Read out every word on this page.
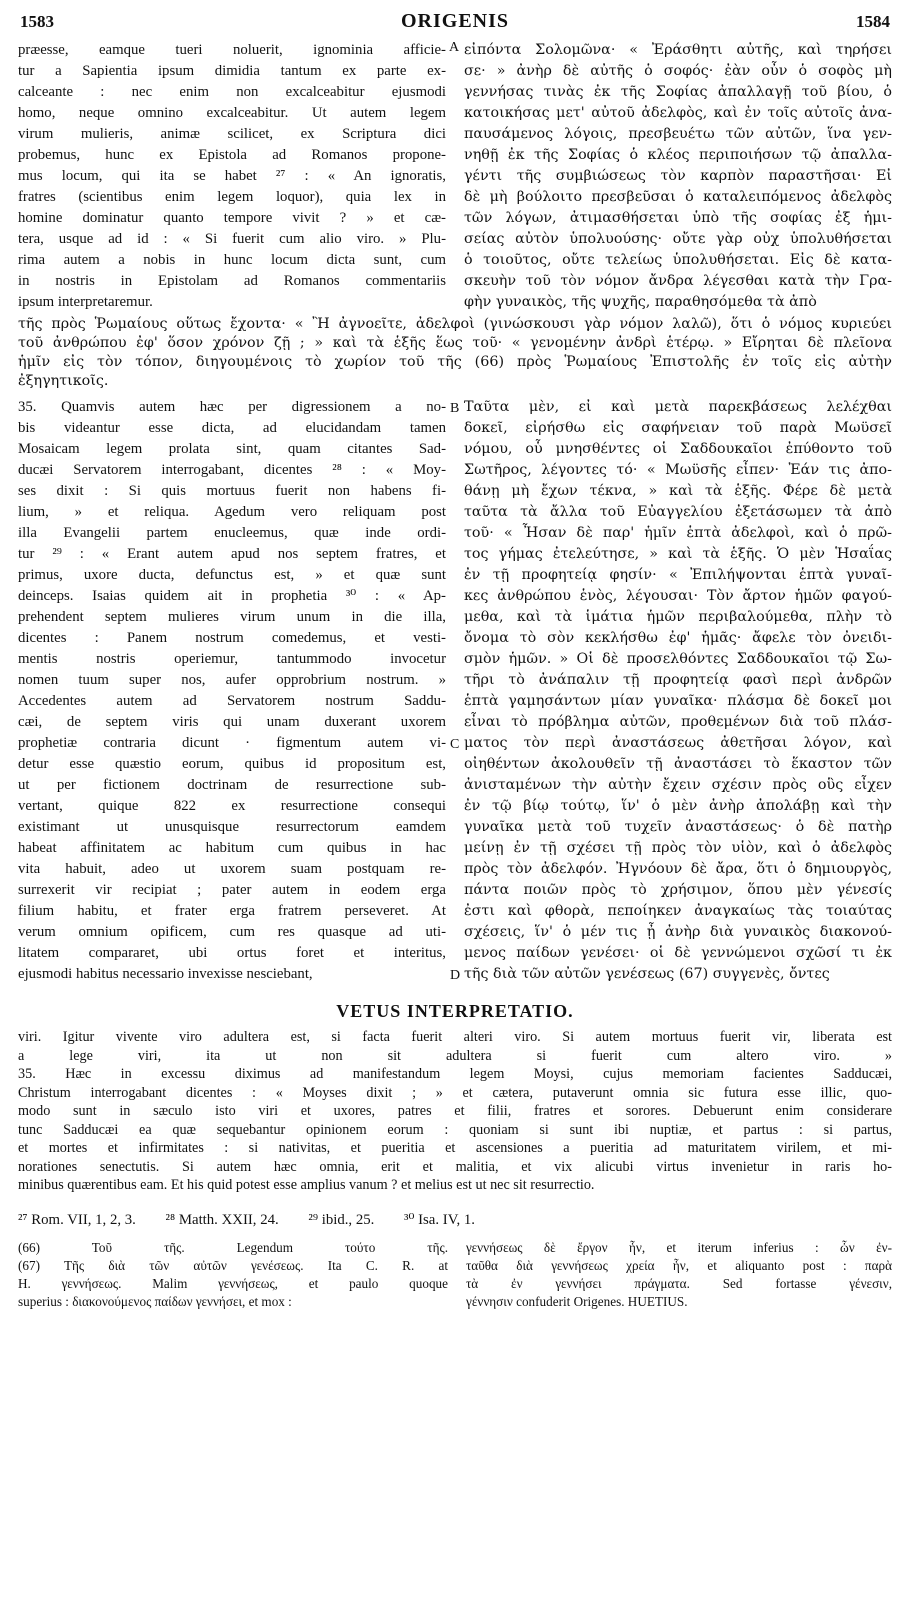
1583	ORIGENIS	1584
præesse, eamque tueri noluerit, ignominia afficie-
tur a Sapientia ipsum dimidia tantum ex parte ex-
calceante : nec enim non excalceabitur ejusmodi
homo, neque omnino excalceabitur. Ut autem legem
virum mulieris, animæ scilicet, ex Scriptura dici
probemus, hunc ex Epistola ad Romanos propone-
mus locum, qui ita se habet ²⁷ : « An ignoratis,
fratres (scientibus enim legem loquor), quia lex in
homine dominatur quanto tempore vivit ? » et cæ-
tera, usque ad id : « Si fuerit cum alio viro. » Plu-
rima autem a nobis in hunc locum dicta sunt, cum
in nostris in Epistolam ad Romanos commentariis
ipsum interpretaremur.
εἰπόντα Σολομῶνα· « Ἐράσθητι αὐτῆς, καὶ τηρήσει
σε· » ἀνὴρ δὲ αὐτῆς ὁ σοφός· ἐὰν οὖν ὁ σοφὸς μὴ
γεννήσας τινὰς ἐκ τῆς Σοφίας ἀπαλλαγῇ τοῦ βίου, ὁ
κατοικήσας μετ' αὐτοῦ ἀδελφὸς, καὶ ἐν τοῖς αὐτοῖς ἀνα-
παυσάμενος λόγοις, πρεσβευέτω τῶν αὐτῶν, ἵνα γεν-
νηθῇ ἐκ τῆς Σοφίας ὁ κλέος περιποιήσων τῷ ἀπαλλα-
γέντι τῆς συμβιώσεως τὸν καρπὸν παραστῆσαι· Εἰ
δὲ μὴ βούλοιτο πρεσβεῦσαι ὁ καταλειπόμενος ἀδελφὸς
τῶν λόγων, ἀτιμασθήσεται ὑπὸ τῆς σοφίας ἐξ ἡμι-
σείας αὐτὸν ὑπολυούσης· οὔτε γὰρ οὐχ ὑπολυθήσεται
ὁ τοιοῦτος, οὔτε τελείως ὑπολυθήσεται. Εἰς δὲ κατα-
σκευὴν τοῦ τὸν νόμον ἄνδρα λέγεσθαι κατὰ τὴν Γρα-
φὴν γυναικὸς, τῆς ψυχῆς, παραθησόμεθα τὰ ἀπὸ
A
τῆς πρὸς Ῥωμαίους οὕτως ἔχοντα· « Ἢ ἀγνοεῖτε, ἀδελφοὶ (γινώσκουσι γὰρ νόμον λαλῶ), ὅτι ὁ νόμος κυριεύει
τοῦ ἀνθρώπου ἐφ' ὅσον χρόνον ζῇ ; » καὶ τὰ ἑξῆς ἕως τοῦ· « γενομένην ἀνδρὶ ἑτέρῳ. » Εἴρηται δὲ πλεῖονα
ἡμῖν εἰς τὸν τόπον, διηγουμένοις τὸ χωρίον τοῦ τῆς (66) πρὸς Ῥωμαίους Ἐπιστολῆς ἐν τοῖς εἰς αὐτὴν
ἐξηγητικοῖς.
35. Quamvis autem hæc per digressionem a no-
bis videantur esse dicta, ad elucidandam tamen
Mosaicam legem prolata sint, quam citantes Sad-
ducæi Servatorem interrogabant, dicentes ²⁸ : « Moy-
ses dixit : Si quis mortuus fuerit non habens fi-
lium, » et reliqua. Agedum vero reliquam post
illa Evangelii partem enucleemus, quæ inde ordi-
tur ²⁹ : « Erant autem apud nos septem fratres, et
primus, uxore ducta, defunctus est, » et quæ sunt
deinceps. Isaias quidem ait in prophetia ³⁰ : « Ap-
prehendent septem mulieres virum unum in die illa,
dicentes : Panem nostrum comedemus, et vesti-
mentis nostris operiemur, tantummodo invocetur
nomen tuum super nos, aufer opprobrium nostrum. »
Accedentes autem ad Servatorem nostrum Saddu-
cæi, de septem viris qui unam duxerant uxorem
prophetiæ contraria dicunt · figmentum autem vi-
detur esse quæstio eorum, quibus id propositum est,
ut per fictionem doctrinam de resurrectione sub-
vertant, quique 822 ex resurrectione consequi
existimant ut unusquisque resurrectorum eamdem
habeat affinitatem ac habitum cum quibus in hac
vita habuit, adeo ut uxorem suam postquam re-
surrexerit vir recipiat ; pater autem in eodem erga
filium habitu, et frater erga fratrem perseveret. At
verum omnium opificem, cum res quasque ad uti-
litatem compararet, ubi ortus foret et interitus,
ejusmodi habitus necessario invexisse nesciebant,
Ταῦτα μὲν, εἰ καὶ μετὰ παρεκβάσεως λελέχθαι
δοκεῖ, εἰρήσθω εἰς σαφήνειαν τοῦ παρὰ Μωϋσεῖ
νόμου, οὗ μνησθέντες οἱ Σαδδουκαῖοι ἐπύθοντο τοῦ
Σωτῆρος, λέγοντες τό· « Μωϋσῆς εἶπεν· Ἐάν τις ἀπο-
θάνῃ μὴ ἔχων τέκνα, » καὶ τὰ ἑξῆς. Φέρε δὲ μετὰ
ταῦτα τὰ ἄλλα τοῦ Εὐαγγελίου ἐξετάσωμεν τὰ ἀπὸ
τοῦ· « Ἦσαν δὲ παρ' ἡμῖν ἑπτὰ ἀδελφοὶ, καὶ ὁ πρῶ-
τος γήμας ἐτελεύτησε, » καὶ τὰ ἑξῆς. Ὁ μὲν Ἡσαΐας
ἐν τῇ προφητείᾳ φησίν· « Ἐπιλήψονται ἑπτὰ γυναῖ-
κες ἀνθρώπου ἑνὸς, λέγουσαι· Τὸν ἄρτον ἡμῶν φαγού-
μεθα, καὶ τὰ ἱμάτια ἡμῶν περιβαλούμεθα, πλὴν τὸ
ὄνομα τὸ σὸν κεκλήσθω ἐφ' ἡμᾶς· ἄφελε τὸν ὀνειδι-
σμὸν ἡμῶν. » Οἱ δὲ προσελθόντες Σαδδουκαῖοι τῷ Σω-
τῆρι τὸ ἀνάπαλιν τῇ προφητείᾳ φασὶ περὶ ἀνδρῶν
ἑπτὰ γαμησάντων μίαν γυναῖκα· πλάσμα δὲ δοκεῖ μοι
εἶναι τὸ πρόβλημα αὐτῶν, προθεμένων διὰ τοῦ πλάσ-
ματος τὸν περὶ ἀναστάσεως ἀθετῆσαι λόγον, καὶ
οἰηθέντων ἀκολουθεῖν τῇ ἀναστάσει τὸ ἕκαστον τῶν
ἀνισταμένων τὴν αὐτὴν ἔχειν σχέσιν πρὸς οὓς εἶχεν
ἐν τῷ βίῳ τούτῳ, ἵν' ὁ μὲν ἀνὴρ ἀπολάβῃ καὶ τὴν
γυναῖκα μετὰ τοῦ τυχεῖν ἀναστάσεως· ὁ δὲ πατὴρ
μείνῃ ἐν τῇ σχέσει τῇ πρὸς τὸν υἱὸν, καὶ ὁ ἀδελφὸς
πρὸς τὸν ἀδελφόν. Ἠγνόουν δὲ ἄρα, ὅτι ὁ δημιουργὸς,
πάντα ποιῶν πρὸς τὸ χρήσιμον, ὅπου μὲν γένεσίς
ἐστι καὶ φθορὰ, πεποίηκεν ἀναγκαίως τὰς τοιαύτας
σχέσεις, ἵν' ὁ μέν τις ᾖ ἀνὴρ διὰ γυναικὸς διακονού-
μενος παίδων γενέσει· οἱ δὲ γεννώμενοι σχῶσί τι ἐκ
τῆς διὰ τῶν αὐτῶν γενέσεως (67) συγγενὲς, ὄντες
B
C
D
VETUS INTERPRETATIO.
viri. Igitur vivente viro adultera est, si facta fuerit alteri viro. Si autem mortuus fuerit vir, liberata est
a lege viri, ita ut non sit adultera si fuerit cum altero viro. »
35. Hæc in excessu diximus ad manifestandum legem Moysi, cujus memoriam facientes Sadducæi,
Christum interrogabant dicentes : « Moyses dixit ; » et cætera, putaverunt omnia sic futura esse illic, quo-
modo sunt in sæculo isto viri et uxores, patres et filii, fratres et sorores. Debuerunt enim considerare
tunc Sadducæi ea quæ sequebantur opinionem eorum : quoniam si sunt ibi nuptiæ, et partus : si partus,
et mortes et infirmitates : si nativitas, et pueritia et ascensiones a pueritia ad maturitatem virilem, et mi-
norationes senectutis. Si autem hæc omnia, erit et malitia, et vix alicubi virtus invenietur in raris ho-
minibus quærentibus eam. Et his quid potest esse amplius vanum ? et melius est ut nec sit resurrectio.
²⁷ Rom. VII, 1, 2, 3. ²⁸ Matth. XXII, 24. ²⁹ ibid., 25. ³⁰ Isa. IV, 1.
(66) Τοῦ τῆς. Legendum τούτο τῆς.
(67) Τῆς διὰ τῶν αὐτῶν γενέσεως. Ita C. R. at
H. γεννήσεως. Malim γεννήσεως, et paulo quoque
superius : διακονούμενος παίδων γεννήσει, et mox :
γεννήσεως δὲ ἔργον ἦν, et iterum inferius : ὧν ἐν-
ταῦθα διὰ γεννήσεως χρεία ἦν, et aliquanto post : παρὰ
τὰ ἐν γεννήσει πράγματα. Sed fortasse γένεσιν,
γέννησιν confuderit Origenes. HUETIUS.
